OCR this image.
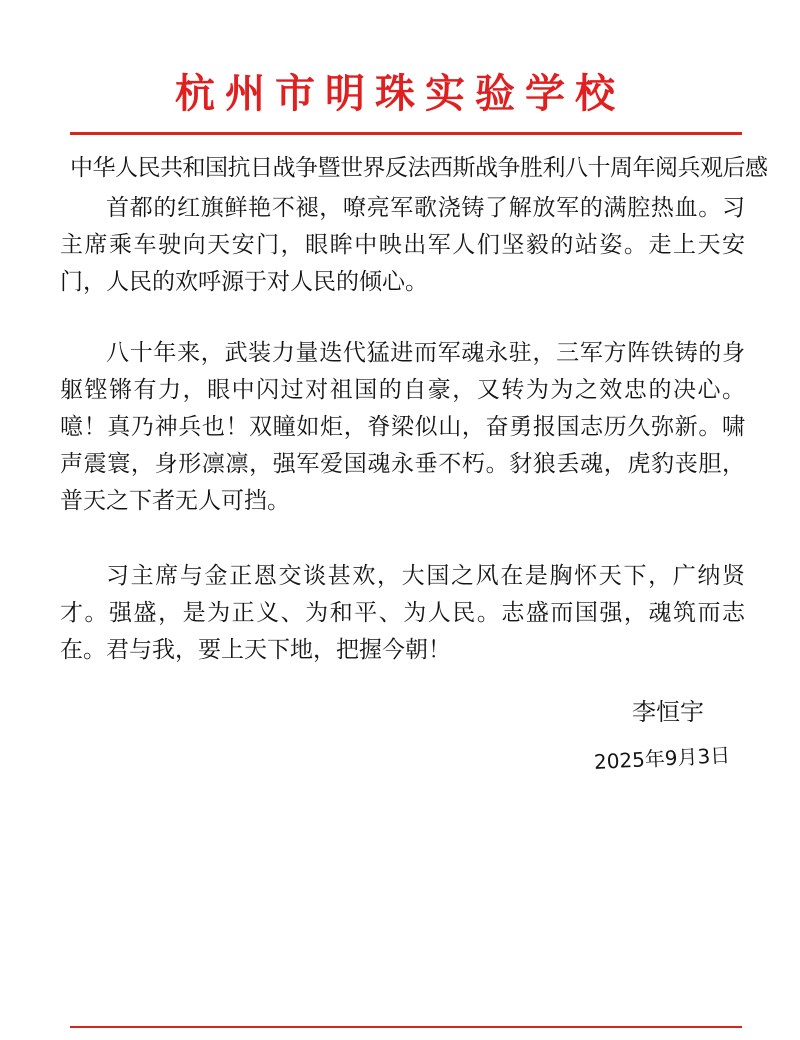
杭州市明珠实验学校
中华人民共和国抗日战争暨世界反法西斯战争胜利八十周年阅兵观后感
首都的红旗鲜艳不褪，嘹亮军歌浇铸了解放军的满腔热血。习主席乘车驶向天安门，眼眸中映出军人们坚毅的站姿。走上天安门，人民的欢呼源于对人民的倾心。
八十年来，武装力量迭代猛进而军魂永驻，三军方阵铁铸的身躯铿锵有力，眼中闪过对祖国的自豪，又转为为之效忠的决心。噫！真乃神兵也！双瞳如炬，脊梁似山，奋勇报国志历久弥新。啸声震寰，身形凛凛，强军爱国魂永垂不朽。豺狼丢魂，虎豹丧胆，普天之下者无人可挡。
习主席与金正恩交谈甚欢，大国之风在是胸怀天下，广纳贤才。强盛，是为正义、为和平、为人民。志盛而国强，魂筑而志在。君与我，要上天下地，把握今朝！
李恒宇
2025年9月3日
